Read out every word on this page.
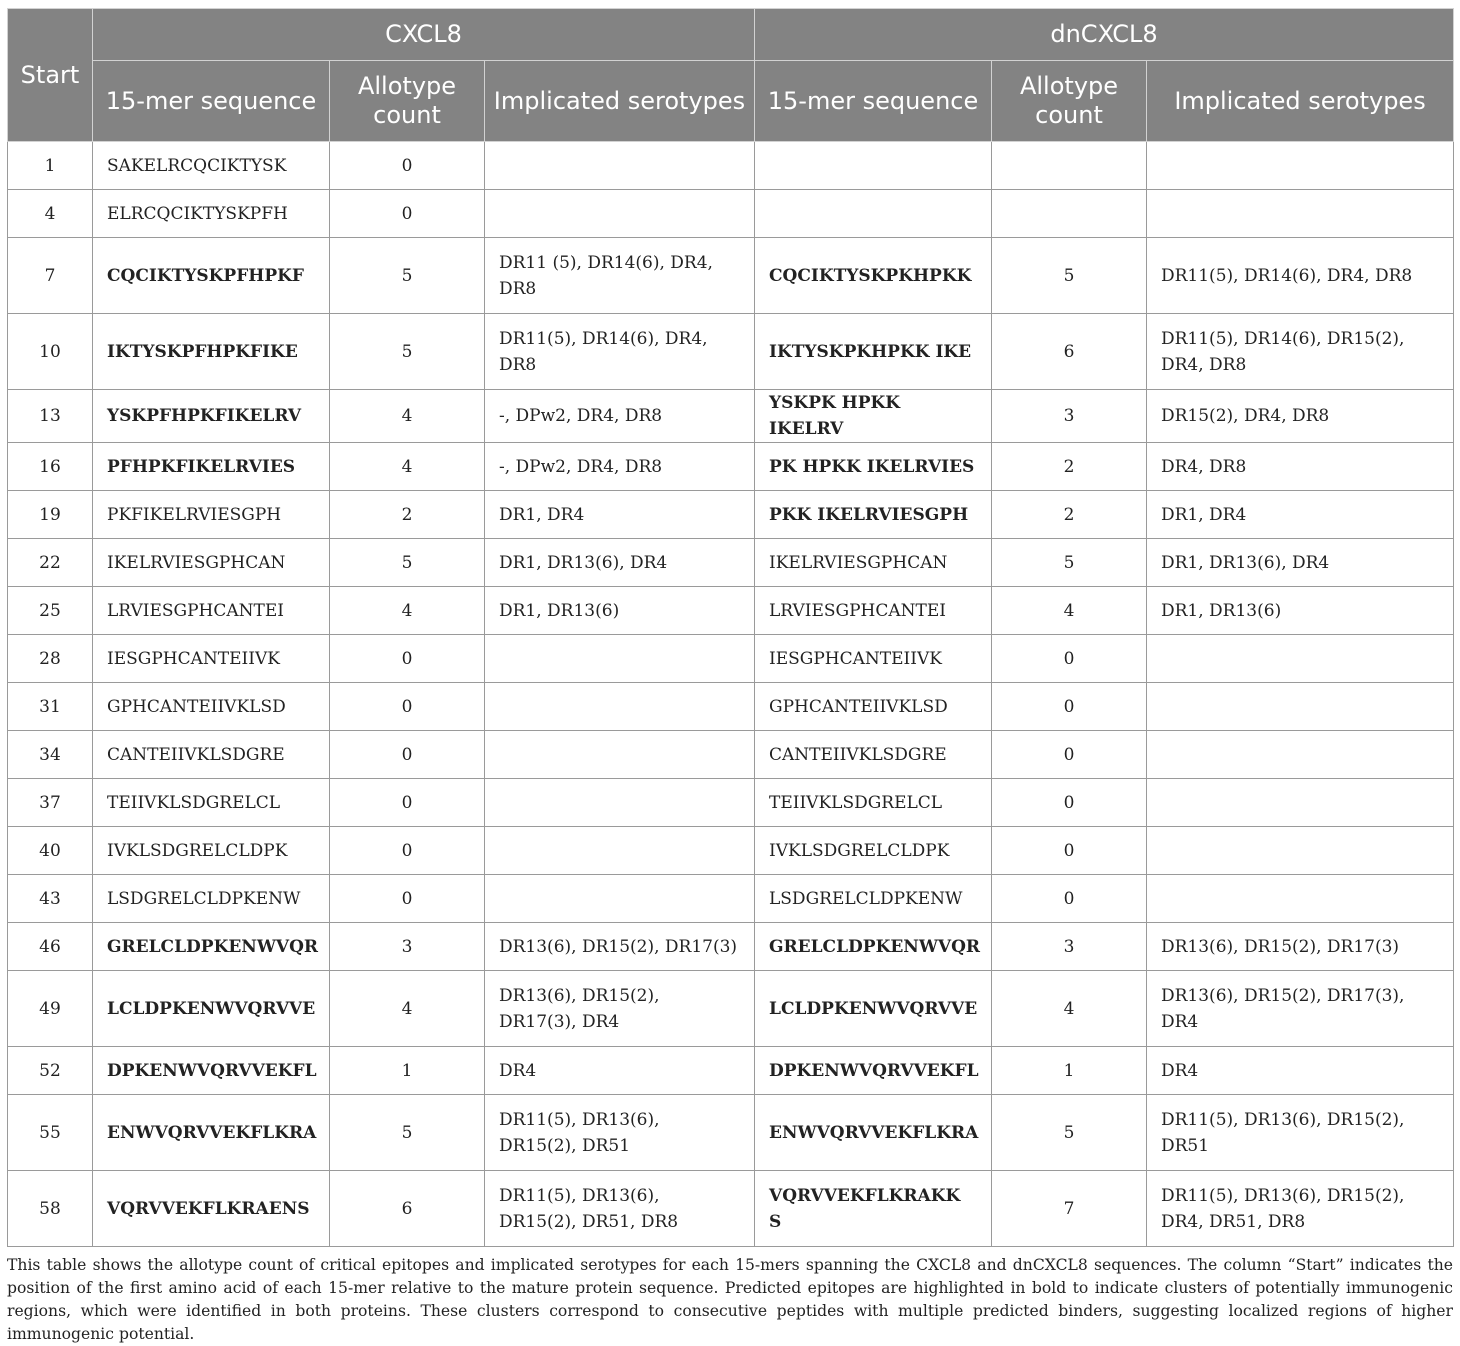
Start	CXCL8			dnCXCL8		
	15-mer sequence	Allotype count	Implicated serotypes	15-mer sequence	Allotype count	Implicated serotypes
1	SAKELRCQCIKTYSK	0				
4	ELRCQCIKTYSKPFH	0				
7	CQCIKTYSKPFHPKF	5	DR11 (5), DR14(6), DR4, DR8	CQCIKTYSKPKHPKK	5	DR11(5), DR14(6), DR4, DR8
10	IKTYSKPFHPKFIKE	5	DR11(5), DR14(6), DR4, DR8	IKTYSKPKHPKK IKE	6	DR11(5), DR14(6), DR15(2), DR4, DR8
13	YSKPFHPKFIKELRV	4	-, DPw2, DR4, DR8	YSKPK HPKK IKELRV	3	DR15(2), DR4, DR8
16	PFHPKFIKELRVIES	4	-, DPw2, DR4, DR8	PK HPKK IKELRVIES	2	DR4, DR8
19	PKFIKELRVIESGPH	2	DR1, DR4	PKK IKELRVIESGPH	2	DR1, DR4
22	IKELRVIESGPHCAN	5	DR1, DR13(6), DR4	IKELRVIESGPHCAN	5	DR1, DR13(6), DR4
25	LRVIESGPHCANTEI	4	DR1, DR13(6)	LRVIESGPHCANTEI	4	DR1, DR13(6)
28	IESGPHCANTEIIVK	0		IESGPHCANTEIIVK	0	
31	GPHCANTEIIVKLSD	0		GPHCANTEIIVKLSD	0	
34	CANTEIIVKLSDGRE	0		CANTEIIVKLSDGRE	0	
37	TEIIVKLSDGRELCL	0		TEIIVKLSDGRELCL	0	
40	IVKLSDGRELCLDPK	0		IVKLSDGRELCLDPK	0	
43	LSDGRELCLDPKENW	0		LSDGRELCLDPKENW	0	
46	GRELCLDPKENWVQR	3	DR13(6), DR15(2), DR17(3)	GRELCLDPKENWVQR	3	DR13(6), DR15(2), DR17(3)
49	LCLDPKENWVQRVVE	4	DR13(6), DR15(2), DR17(3), DR4	LCLDPKENWVQRVVE	4	DR13(6), DR15(2), DR17(3), DR4
52	DPKENWVQRVVEKFL	1	DR4	DPKENWVQRVVEKFL	1	DR4
55	ENWVQRVVEKFLKRA	5	DR11(5), DR13(6), DR15(2), DR51	ENWVQRVVEKFLKRA	5	DR11(5), DR13(6), DR15(2), DR51
58	VQRVVEKFLKRAENS	6	DR11(5), DR13(6), DR15(2), DR51, DR8	VQRVVEKFLKRAKK S	7	DR11(5), DR13(6), DR15(2), DR4, DR51, DR8
This table shows the allotype count of critical epitopes and implicated serotypes for each 15-mers spanning the CXCL8 and dnCXCL8 sequences. The column “Start” indicates the position of the first amino acid of each 15-mer relative to the mature protein sequence. Predicted epitopes are highlighted in bold to indicate clusters of potentially immunogenic regions, which were identified in both proteins. These clusters correspond to consecutive peptides with multiple predicted binders, suggesting localized regions of higher immunogenic potential.
